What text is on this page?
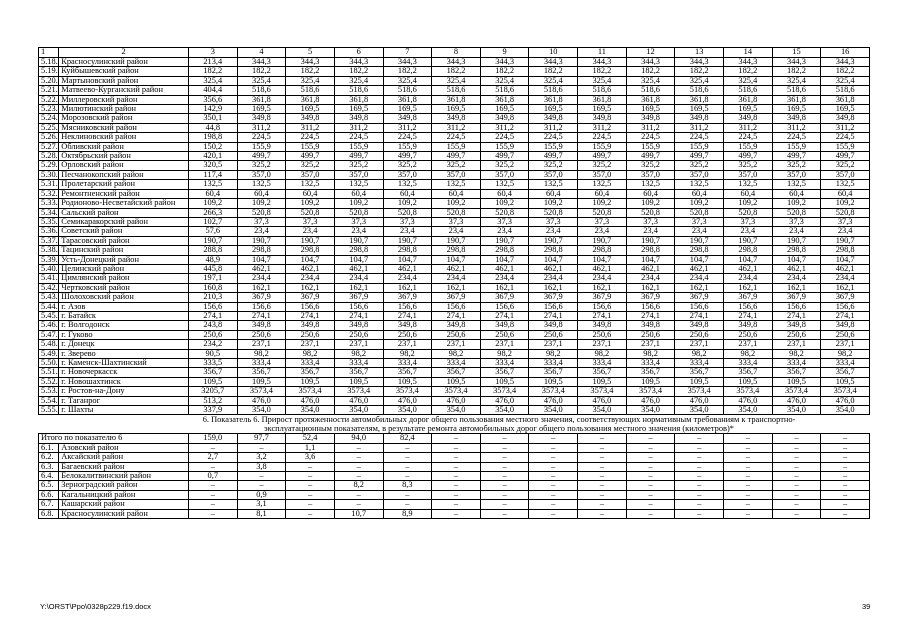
1	2	3	4	5	6	7	8	9	10	11	12	13	14	15	16
5.18.	Красносулинский район	213,4	344,3	344,3	344,3	344,3	344,3	344,3	344,3	344,3	344,3	344,3	344,3	344,3	344,3
5.19.	Куйбышевский район	182,2	182,2	182,2	182,2	182,2	182,2	182,2	182,2	182,2	182,2	182,2	182,2	182,2	182,2
5.20.	Мартыновский район	325,4	325,4	325,4	325,4	325,4	325,4	325,4	325,4	325,4	325,4	325,4	325,4	325,4	325,4
5.21.	Матвеево-Курганский район	404,4	518,6	518,6	518,6	518,6	518,6	518,6	518,6	518,6	518,6	518,6	518,6	518,6	518,6
5.22.	Миллеровский район	356,6	361,8	361,8	361,8	361,8	361,8	361,8	361,8	361,8	361,8	361,8	361,8	361,8	361,8
5.23.	Милютинский район	142,9	169,5	169,5	169,5	169,5	169,5	169,5	169,5	169,5	169,5	169,5	169,5	169,5	169,5
5.24.	Морозовский район	350,1	349,8	349,8	349,8	349,8	349,8	349,8	349,8	349,8	349,8	349,8	349,8	349,8	349,8
5.25.	Мясниковский район	44,8	311,2	311,2	311,2	311,2	311,2	311,2	311,2	311,2	311,2	311,2	311,2	311,2	311,2
5.26.	Неклиновский район	198,8	224,5	224,5	224,5	224,5	224,5	224,5	224,5	224,5	224,5	224,5	224,5	224,5	224,5
5.27.	Обливский район	150,2	155,9	155,9	155,9	155,9	155,9	155,9	155,9	155,9	155,9	155,9	155,9	155,9	155,9
5.28.	Октябрьский район	420,1	499,7	499,7	499,7	499,7	499,7	499,7	499,7	499,7	499,7	499,7	499,7	499,7	499,7
5.29.	Орловский район	320,5	325,2	325,2	325,2	325,2	325,2	325,2	325,2	325,2	325,2	325,2	325,2	325,2	325,2
5.30.	Песчанокопский район	117,4	357,0	357,0	357,0	357,0	357,0	357,0	357,0	357,0	357,0	357,0	357,0	357,0	357,0
5.31.	Пролетарский район	132,5	132,5	132,5	132,5	132,5	132,5	132,5	132,5	132,5	132,5	132,5	132,5	132,5	132,5
5.32.	Ремонтненский район	60,4	60,4	60,4	60,4	60,4	60,4	60,4	60,4	60,4	60,4	60,4	60,4	60,4	60,4
5.33.	Родионово-Несветайский район	109,2	109,2	109,2	109,2	109,2	109,2	109,2	109,2	109,2	109,2	109,2	109,2	109,2	109,2
5.34.	Сальский район	266,3	520,8	520,8	520,8	520,8	520,8	520,8	520,8	520,8	520,8	520,8	520,8	520,8	520,8
5.35.	Семикаракорский район	102,7	37,3	37,3	37,3	37,3	37,3	37,3	37,3	37,3	37,3	37,3	37,3	37,3	37,3
5.36.	Советский район	57,6	23,4	23,4	23,4	23,4	23,4	23,4	23,4	23,4	23,4	23,4	23,4	23,4	23,4
5.37.	Тарасовский район	190,7	190,7	190,7	190,7	190,7	190,7	190,7	190,7	190,7	190,7	190,7	190,7	190,7	190,7
5.38.	Тацинский район	288,8	298,8	298,8	298,8	298,8	298,8	298,8	298,8	298,8	298,8	298,8	298,8	298,8	298,8
5.39.	Усть-Донецкий район	48,9	104,7	104,7	104,7	104,7	104,7	104,7	104,7	104,7	104,7	104,7	104,7	104,7	104,7
5.40.	Целинский район	445,8	462,1	462,1	462,1	462,1	462,1	462,1	462,1	462,1	462,1	462,1	462,1	462,1	462,1
5.41.	Цимлянский район	197,1	234,4	234,4	234,4	234,4	234,4	234,4	234,4	234,4	234,4	234,4	234,4	234,4	234,4
5.42.	Чертковский район	160,8	162,1	162,1	162,1	162,1	162,1	162,1	162,1	162,1	162,1	162,1	162,1	162,1	162,1
5.43.	Шолоховский район	210,3	367,9	367,9	367,9	367,9	367,9	367,9	367,9	367,9	367,9	367,9	367,9	367,9	367,9
5.44.	г. Азов	156,6	156,6	156,6	156,6	156,6	156,6	156,6	156,6	156,6	156,6	156,6	156,6	156,6	156,6
5.45.	г. Батайск	274,1	274,1	274,1	274,1	274,1	274,1	274,1	274,1	274,1	274,1	274,1	274,1	274,1	274,1
5.46.	г. Волгодонск	243,8	349,8	349,8	349,8	349,8	349,8	349,8	349,8	349,8	349,8	349,8	349,8	349,8	349,8
5.47.	г. Гуково	250,6	250,6	250,6	250,6	250,6	250,6	250,6	250,6	250,6	250,6	250,6	250,6	250,6	250,6
5.48.	г. Донецк	234,2	237,1	237,1	237,1	237,1	237,1	237,1	237,1	237,1	237,1	237,1	237,1	237,1	237,1
5.49.	г. Зверево	90,5	98,2	98,2	98,2	98,2	98,2	98,2	98,2	98,2	98,2	98,2	98,2	98,2	98,2
5.50.	г. Каменск-Шахтинский	333,5	333,4	333,4	333,4	333,4	333,4	333,4	333,4	333,4	333,4	333,4	333,4	333,4	333,4
5.51.	г. Новочеркасск	356,7	356,7	356,7	356,7	356,7	356,7	356,7	356,7	356,7	356,7	356,7	356,7	356,7	356,7
5.52.	г. Новошахтинск	109,5	109,5	109,5	109,5	109,5	109,5	109,5	109,5	109,5	109,5	109,5	109,5	109,5	109,5
5.53.	г. Ростов-на-Дону	3205,7	3573,4	3573,4	3573,4	3573,4	3573,4	3573,4	3573,4	3573,4	3573,4	3573,4	3573,4	3573,4	3573,4
5.54.	г. Таганрог	513,2	476,0	476,0	476,0	476,0	476,0	476,0	476,0	476,0	476,0	476,0	476,0	476,0	476,0
5.55.	г. Шахты	337,9	354,0	354,0	354,0	354,0	354,0	354,0	354,0	354,0	354,0	354,0	354,0	354,0	354,0
6. Показатель 6. Прирост протяженности автомобильных дорог общего пользования местного значения, соответствующих нормативным требованиям к транспортно-эксплуатационным показателям, в результате ремонта автомобильных дорог общего пользования местного значения (километров)*															
Итого по показателю 6		159,0	97,7	52,4	94,0	82,4	–	–	–	–	–	–	–	–	–
6.1.	Азовский район	–	–	1,1	–	–	–	–	–	–	–	–	–	–	–
6.2.	Аксайский район	2,7	3,2	3,6	–	–	–	–	–	–	–	–	–	–	–
6.3.	Багаевский район	–	3,8	–	–	–	–	–	–	–	–	–	–	–	–
6.4.	Белокалитвинский район	0,7	–	–	–	–	–	–	–	–	–	–	–	–	–
6.5.	Зерноградский район	–	–	–	8,2	8,3	–	–	–	–	–	–	–	–	–
6.6.	Кагальницкий район	–	0,9	–	–	–	–	–	–	–	–	–	–	–	–
6.7.	Кашарский район	–	3,1	–	–	–	–	–	–	–	–	–	–	–	–
6.8.	Красносулинский район	–	8,1	–	10,7	8,9	–	–	–	–	–	–	–	–	–
Y:\ORST\Ppo\0328p229.f19.docx	39
